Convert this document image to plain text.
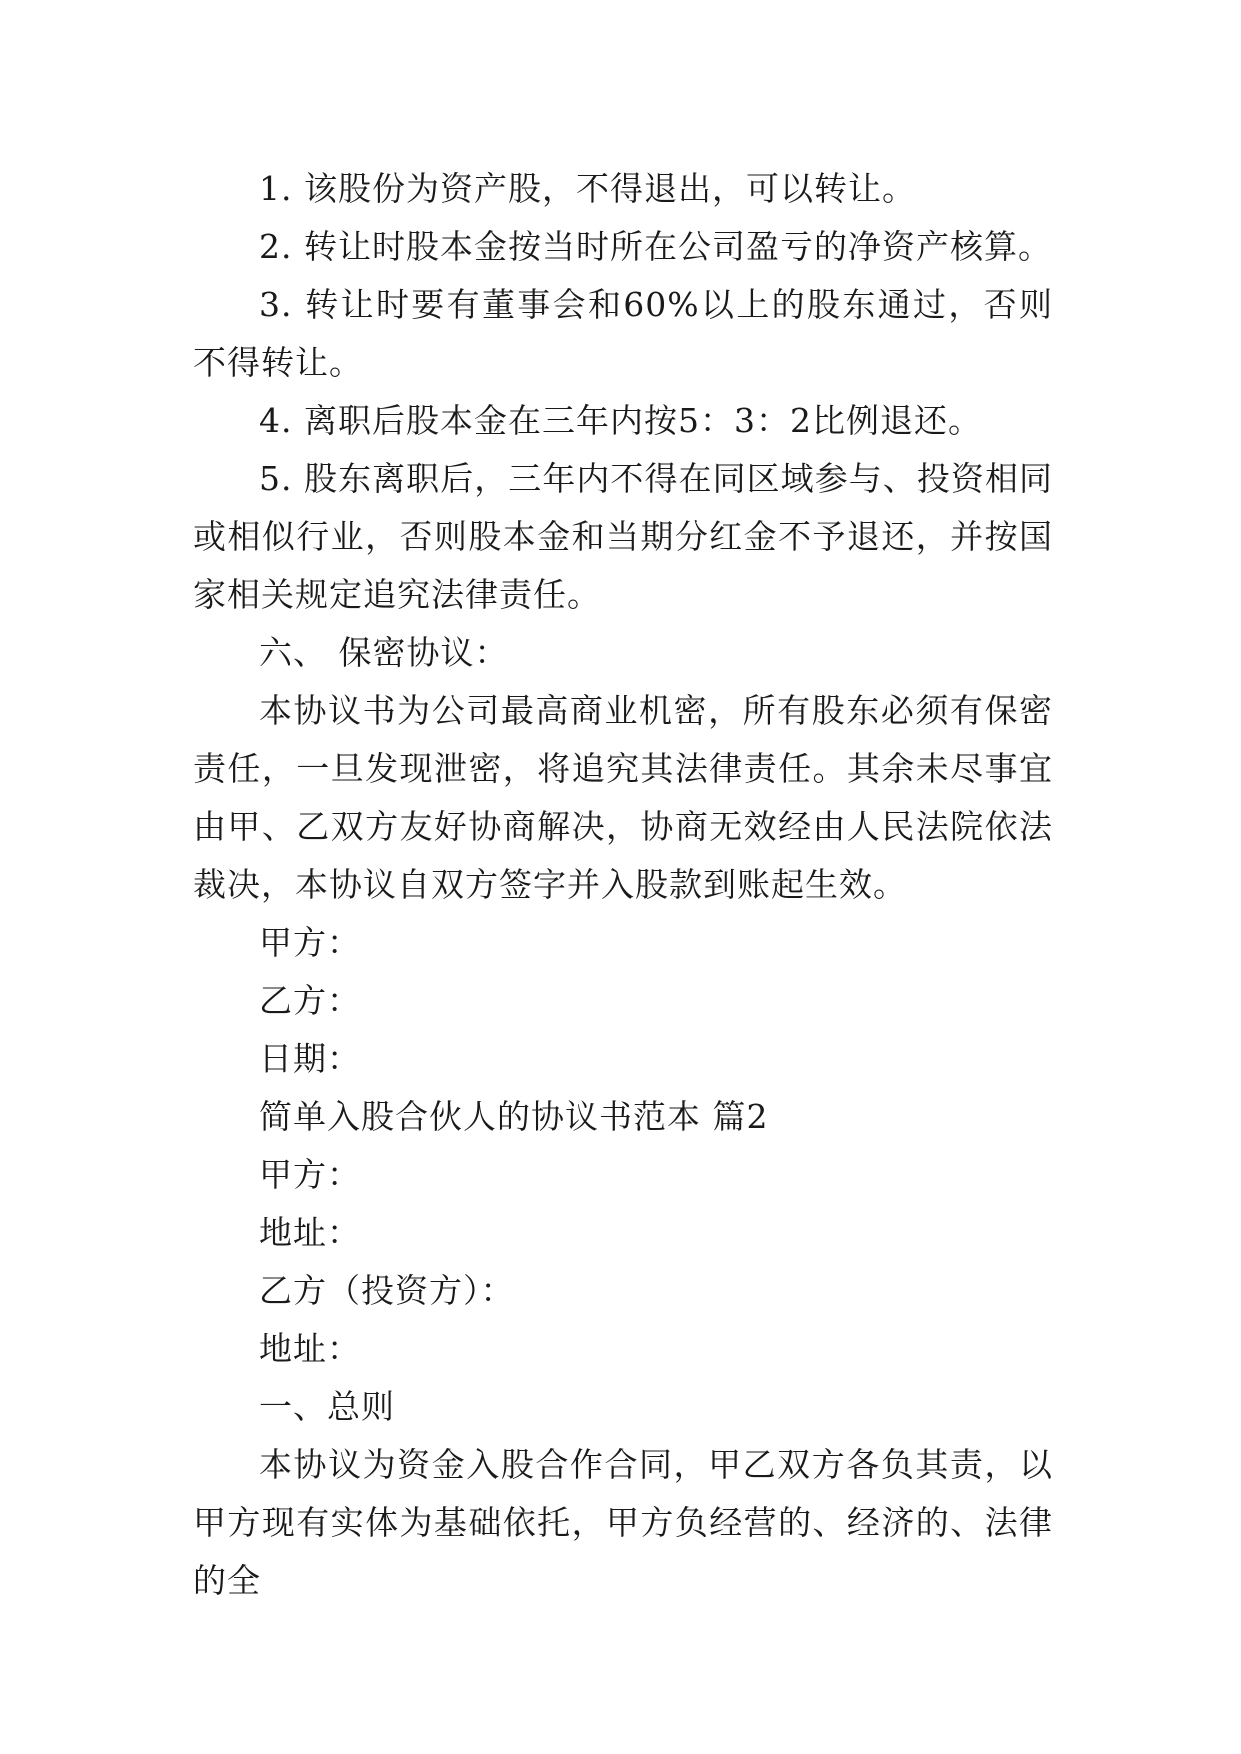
1. 该股份为资产股，不得退出，可以转让。

2. 转让时股本金按当时所在公司盈亏的净资产核算。

3. 转让时要有董事会和60%以上的股东通过，否则不得转让。

4. 离职后股本金在三年内按5：3：2比例退还。

5. 股东离职后，三年内不得在同区域参与、投资相同或相似行业，否则股本金和当期分红金不予退还，并按国家相关规定追究法律责任。

六、 保密协议：

本协议书为公司最高商业机密，所有股东必须有保密责任，一旦发现泄密，将追究其法律责任。其余未尽事宜由甲、乙双方友好协商解决，协商无效经由人民法院依法裁决，本协议自双方签字并入股款到账起生效。

甲方：

乙方：

日期：

简单入股合伙人的协议书范本 篇2

甲方：

地址：

乙方（投资方）：

地址：

一、总则

本协议为资金入股合作合同，甲乙双方各负其责，以甲方现有实体为基础依托，甲方负经营的、经济的、法律的全
